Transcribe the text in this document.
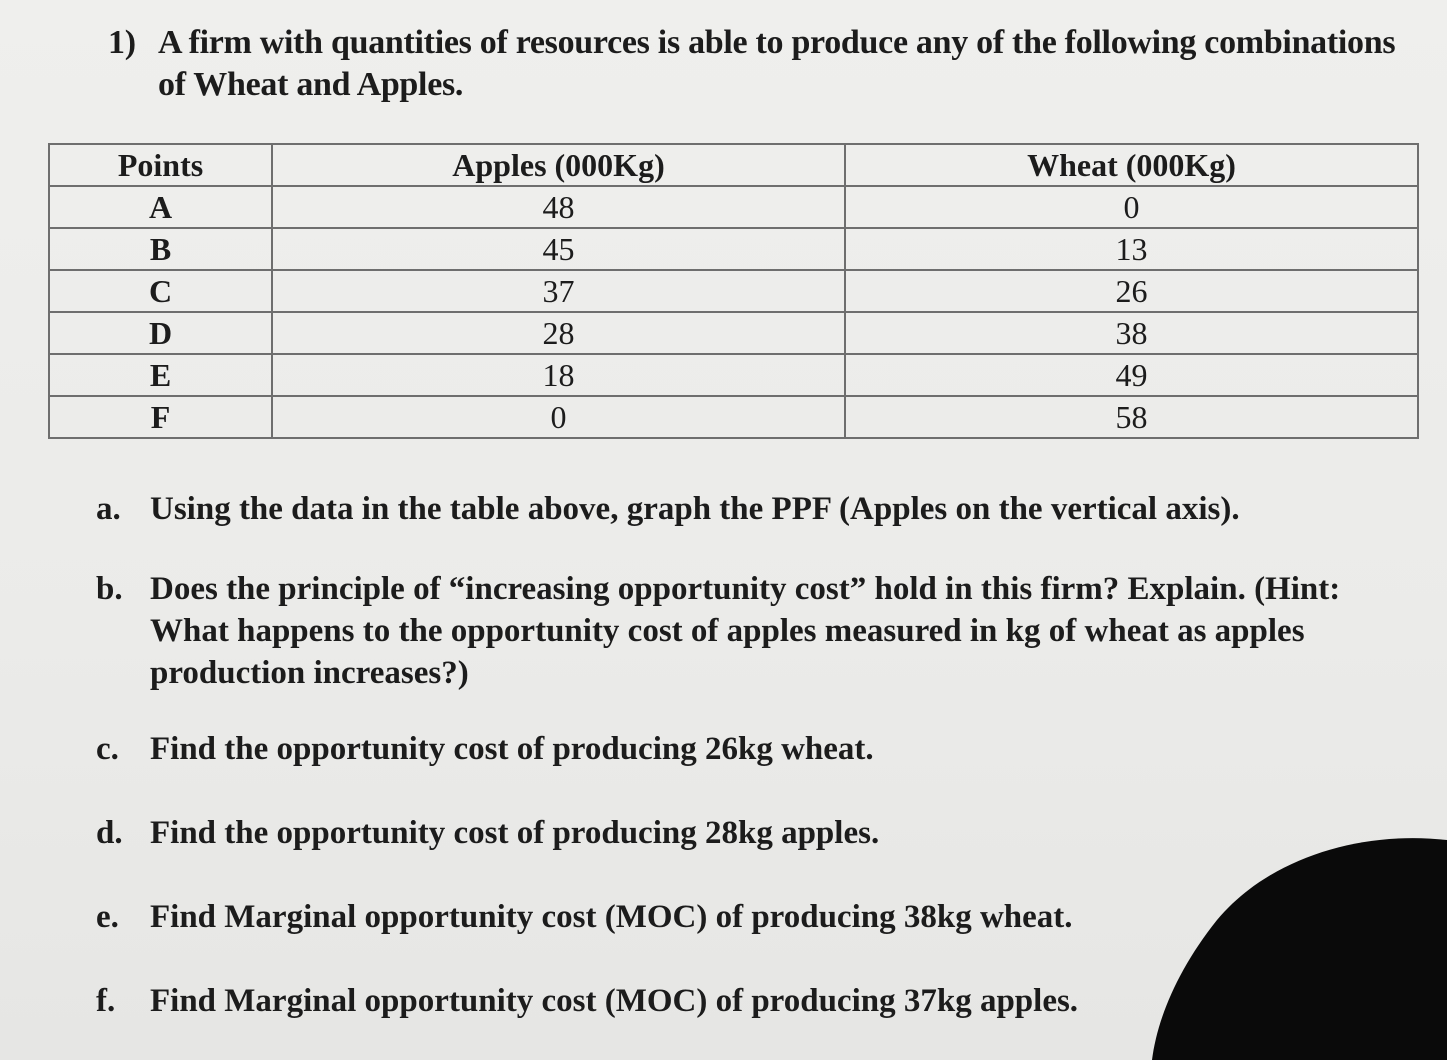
1) A firm with quantities of resources is able to produce any of the following combinations
of Wheat and Apples.
Points	Apples (000Kg)	Wheat (000Kg)
A	48	0
B	45	13
C	37	26
D	28	38
E	18	49
F	0	58
a. Using the data in the table above, graph the PPF (Apples on the vertical axis).
b. Does the principle of “increasing opportunity cost” hold in this firm? Explain. (Hint: What happens to the opportunity cost of apples measured in kg of wheat as apples production increases?)
c. Find the opportunity cost of producing 26kg wheat.
d. Find the opportunity cost of producing 28kg apples.
e. Find Marginal opportunity cost (MOC) of producing 38kg wheat.
f.	Find Marginal opportunity cost (MOC) of producing 37kg apples.
